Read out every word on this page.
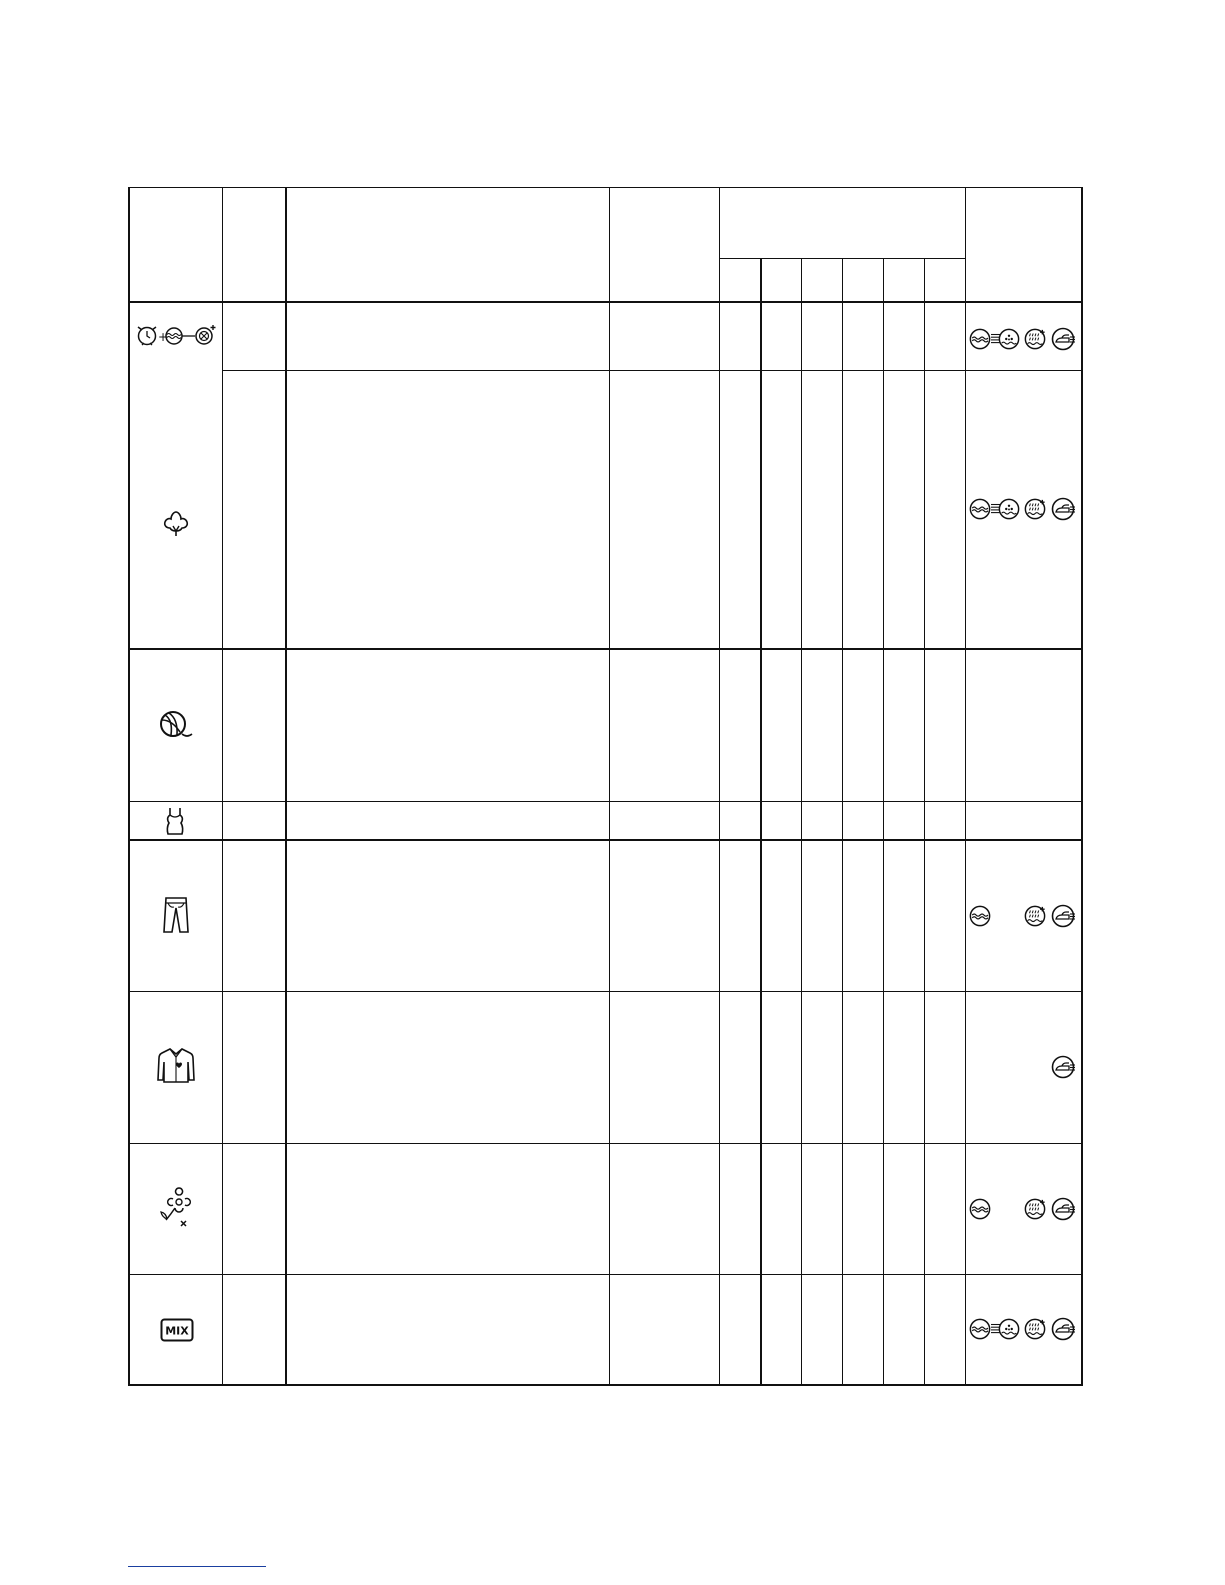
+
MIX
